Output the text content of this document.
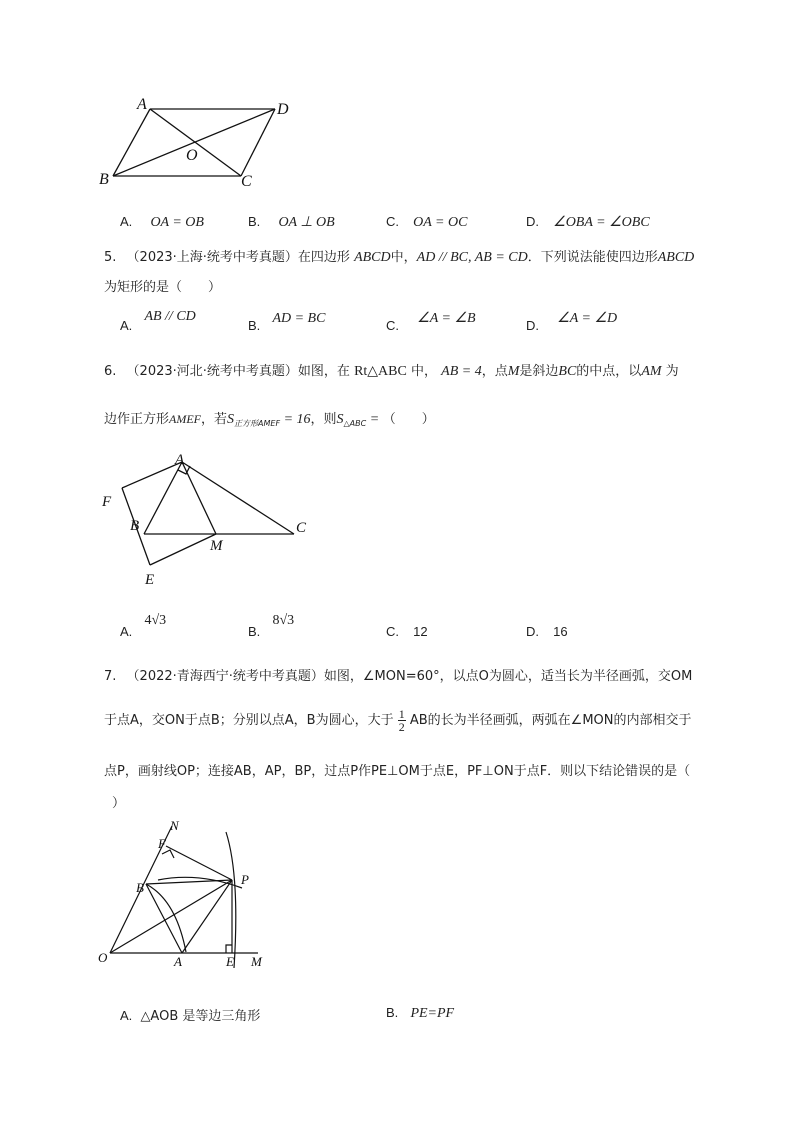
A	D
O
B	C
A. OA = OB	B. OA ⊥ OB	C. OA = OC	D. ∠OBA = ∠OBC
5. （2023·上海·统考中考真题）在四边形 ABCD中，AD // BC, AB = CD．下列说法能使四边形ABCD
为矩形的是（　　）
A. AB // CD
B. AD = BC	C. ∠A = ∠B	D. ∠A = ∠D
6. （2023·河北·统考中考真题）如图，在 Rt△ABC 中， AB = 4，点M是斜边BC的中点，以AM 为
边作正方形AMEF，若$S_{正方形AMEF} = 16$，则$S_{\triangle ABC}$ = （　　）
A
F
B
M
C
E
A. 4√3
B. 8√3
C. 12	D. 16
7. （2022·青海西宁·统考中考真题）如图，∠MON=60°，以点O为圆心，适当长为半径画弧，交OM
于点A，交ON于点B；分别以点A，B为圆心，大于 $\frac{1}{2}$ AB的长为半径画弧，两弧在∠MON的内部相交于
点P，画射线OP；连接AB，AP，BP，过点P作PE⊥OM于点E，PF⊥ON于点F．则以下结论错误的是（
）
N
F
B
P
O	A	E M
A. △AOB 是等边三角形	B. PE=PF
